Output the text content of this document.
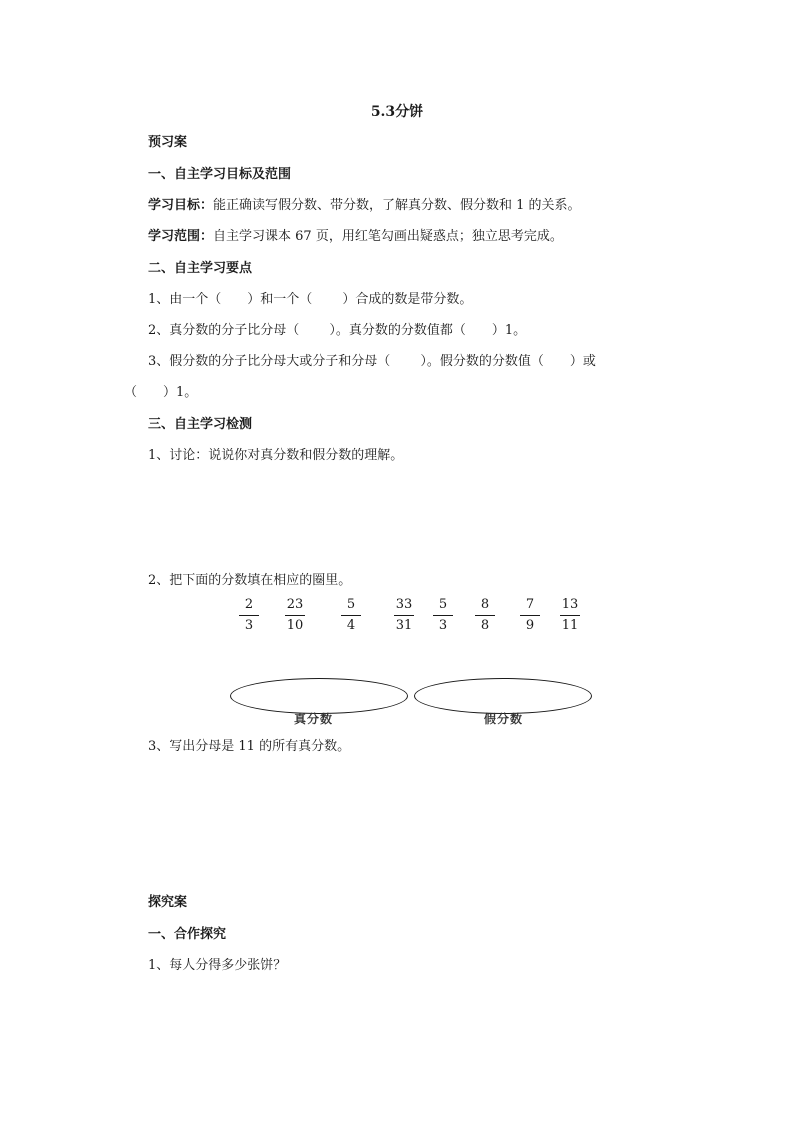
5.3分饼
预习案
一、自主学习目标及范围
学习目标：能正确读写假分数、带分数，了解真分数、假分数和 1 的关系。
学习范围：自主学习课本 67 页，用红笔勾画出疑惑点；独立思考完成。
二、自主学习要点
1、由一个（　　）和一个（　　 ）合成的数是带分数。
2、真分数的分子比分母（　　 ）。真分数的分数值都（　　）1。
3、假分数的分子比分母大或分子和分母（　　 ）。假分数的分数值（　　）或
（　　）1。
三、自主学习检测
1、讨论：说说你对真分数和假分数的理解。
2、把下面的分数填在相应的圈里。
2
3
23
10
5
4
33
31
5
3
8
8
7
9
13
11
真分数	假分数
3、写出分母是 11 的所有真分数。
探究案
一、合作探究
1、每人分得多少张饼？
